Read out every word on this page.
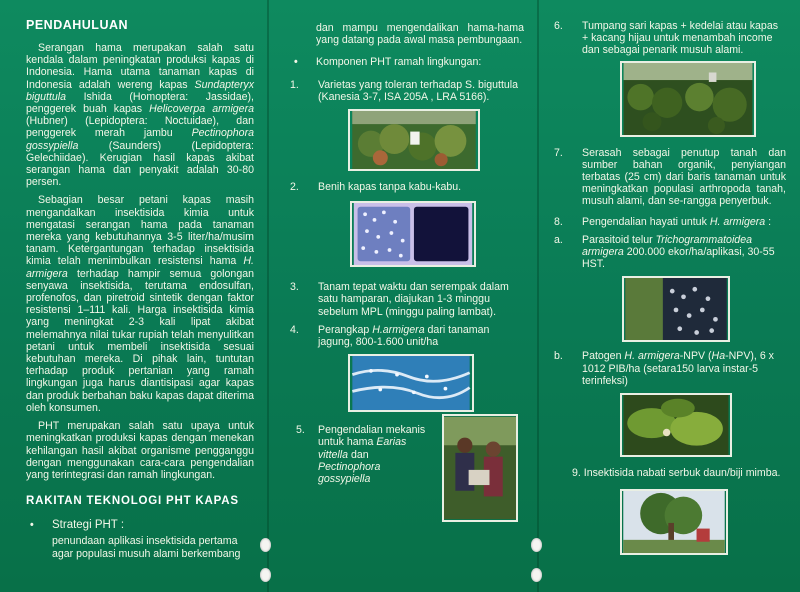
PENDAHULUAN

Serangan hama merupakan salah satu kendala dalam peningkatan produksi kapas di Indonesia. Hama utama tanaman kapas di Indonesia adalah wereng kapas Sundapteryx biguttula Ishida (Homoptera: Jassidae), penggerek buah kapas Helicoverpa armigera (Hubner) (Lepidoptera: Noctuidae), dan penggerek merah jambu Pectinophora gossypiella (Saunders) (Lepidoptera: Gelechiidae). Kerugian hasil kapas akibat serangan hama dan penyakit adalah 30-80 persen.

Sebagian besar petani kapas masih mengandalkan insektisida kimia untuk mengatasi serangan hama pada tanaman mereka yang kebutuhannya 3-5 liter/ha/musim tanam. Ketergantungan terhadap insektisida kimia telah menimbulkan resistensi hama H. armigera terhadap hampir semua golongan senyawa insektisida, terutama endosulfan, profenofos, dan piretroid sintetik dengan faktor resistensi 1–111 kali. Harga insektisida kimia yang meningkat 2-3 kali lipat akibat melemahnya nilai tukar rupiah telah menyulitkan petani untuk membeli insektisida sesuai kebutuhan mereka. Di pihak lain, tuntutan terhadap produk pertanian yang ramah lingkungan juga harus diantisipasi agar kapas dan produk berbahan baku kapas dapat diterima oleh konsumen.

PHT merupakan salah satu upaya untuk meningkatkan produksi kapas dengan menekan kehilangan hasil akibat organisme pengganggu dengan menggunakan cara-cara pengendalian yang terintegrasi dan ramah lingkungan.

RAKITAN TEKNOLOGI PHT KAPAS
• Strategi PHT :
penundaan aplikasi insektisida pertama agar populasi musuh alami berkembang

dan mampu mengendalikan hama-hama yang datang pada awal masa pembungaan.

• Komponen PHT ramah lingkungan:
1. Varietas yang toleran terhadap S. biguttula (Kanesia 3-7, ISA 205A , LRA 5166).
2. Benih kapas tanpa kabu-kabu.
3. Tanam tepat waktu dan serempak dalam satu hamparan, diajukan 1-3 minggu sebelum MPL (minggu paling lambat).
4. Perangkap H.armigera dari tanaman jagung, 800-1.600 unit/ha
5. Pengendalian mekanis untuk hama Earias vittella dan Pectinophora gossypiella
6. Tumpang sari kapas + kedelai atau kapas + kacang hijau untuk menambah income dan sebagai penarik musuh alami.
7. Serasah sebagai penutup tanah dan sumber bahan organik, penyiangan terbatas (25 cm) dari baris tanaman untuk meningkatkan populasi arthropoda tanah, musuh alami, dan se-rangga penyerbuk.
8. Pengendalian hayati untuk H. armigera :
a. Parasitoid telur Trichogrammatoidea armigera 200.000 ekor/ha/aplikasi, 30-55 HST.
b. Patogen H. armigera-NPV (Ha-NPV), 6 x 1012 PIB/ha (setara150 larva instar-5 terinfeksi)
9. Insektisida nabati serbuk daun/biji mimba.
